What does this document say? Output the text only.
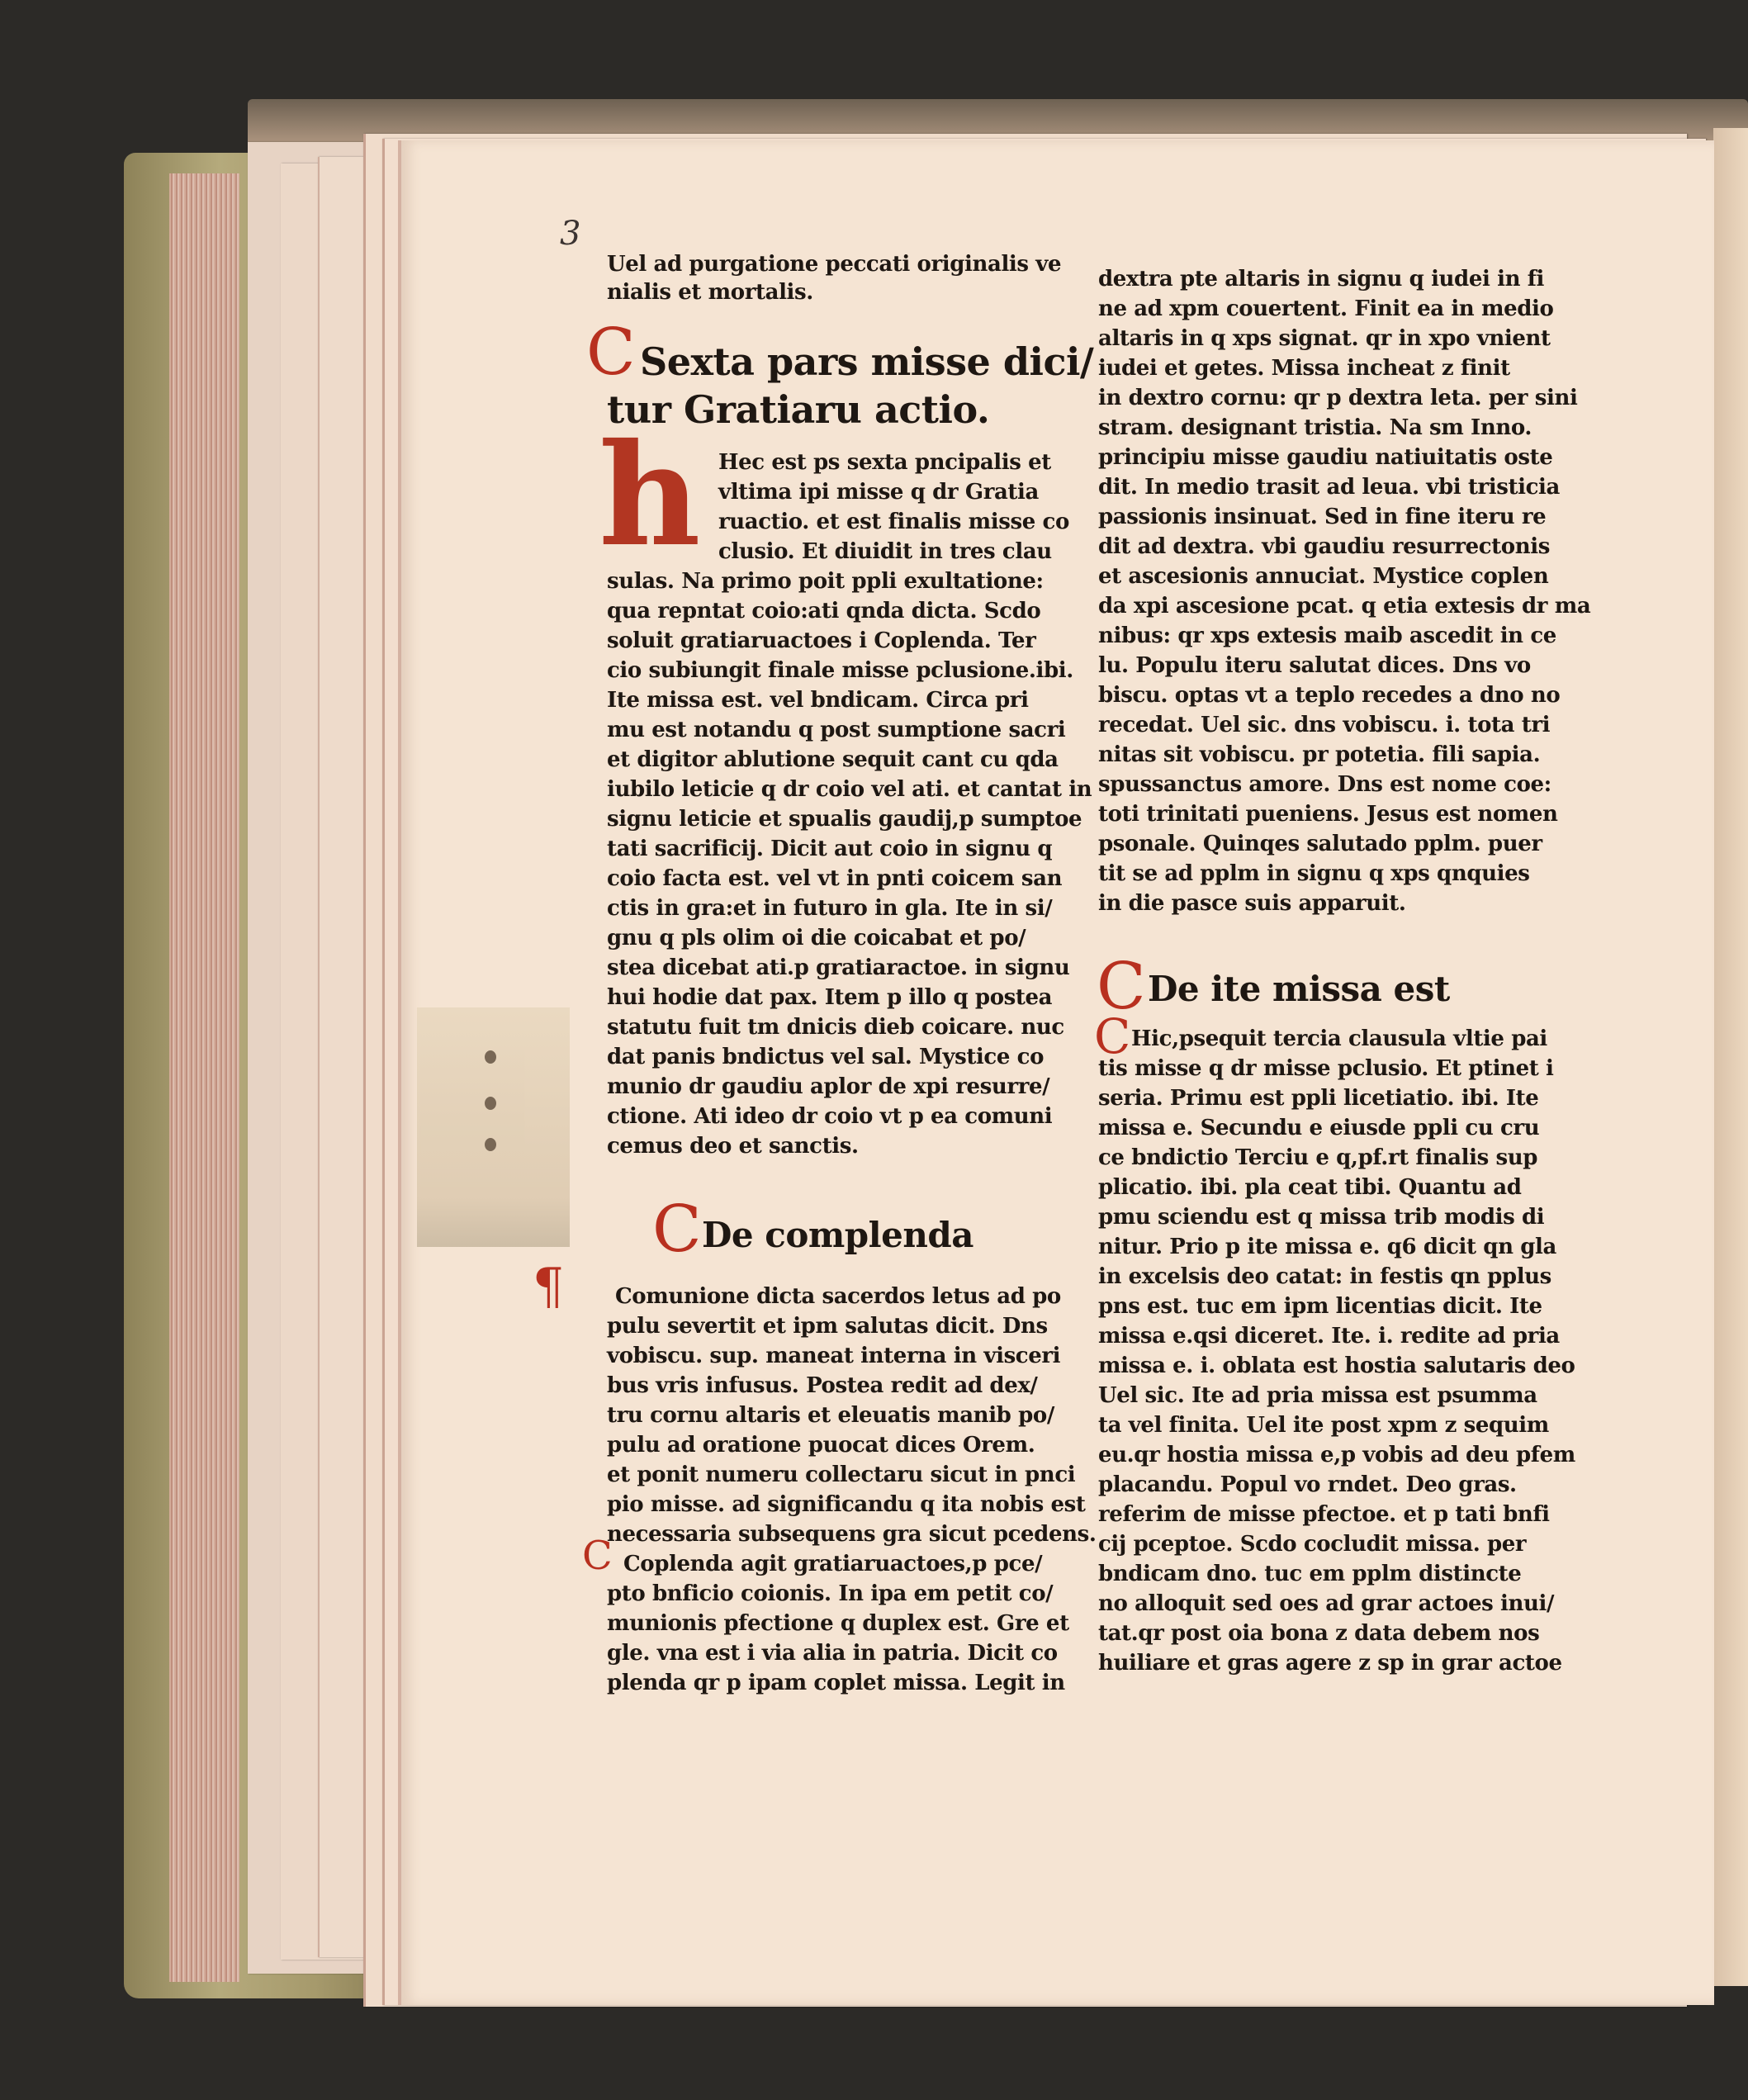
3
Uel ad purgatione peccati originalis ve
nialis et mortalis.
C Sexta pars misse dici/
tur Gratiaru actio.
h Hec est ps sexta pncipalis et
vltima ipi misse q dr Gratia
ruactio. et est finalis misse co
clusio. Et diuidit in tres clau
sulas. Na primo poit ppli exultatione:
qua repntat coio:ati qnda dicta. Scdo
soluit gratiaruactoes i Coplenda. Ter
cio subiungit finale misse pclusione.ibi.
Ite missa est. vel bndicam. Circa pri
mu est notandu q post sumptione sacri
et digitor ablutione sequit cant cu qda
iubilo leticie q dr coio vel ati. et cantat in
signu leticie et spualis gaudij,p sumptoe
tati sacrificij. Dicit aut coio in signu q
coio facta est. vel vt in pnti coicem san
ctis in gra:et in futuro in gla. Ite in si/
gnu q pls olim oi die coicabat et po/
stea dicebat ati.p gratiaractoe. in signu
hui hodie dat pax. Item p illo q postea
statutu fuit tm dnicis dieb coicare. nuc
dat panis bndictus vel sal. Mystice co
munio dr gaudiu aplor de xpi resurre/
ctione. Ati ideo dr coio vt p ea comuni
cemus deo et sanctis.
C De complenda
¶ Comunione dicta sacerdos letus ad po
pulu severtit et ipm salutas dicit. Dns
vobiscu. sup. maneat interna in visceri
bus vris infusus. Postea redit ad dex/
tru cornu altaris et eleuatis manib po/
pulu ad oratione puocat dices Orem.
et ponit numeru collectaru sicut in pnci
pio misse. ad significandu q ita nobis est
necessaria subsequens gra sicut pcedens.
C Coplenda agit gratiaruactoes,p pce/
pto bnficio coionis. In ipa em petit co/
munionis pfectione q duplex est. Gre et
gle. vna est i via alia in patria. Dicit co
plenda qr p ipam coplet missa. Legit in
dextra pte altaris in signu q iudei in fi
ne ad xpm couertent. Finit ea in medio
altaris in q xps signat. qr in xpo vnient
iudei et getes. Missa incheat z finit
in dextro cornu: qr p dextra leta. per sini
stram. designant tristia. Na sm Inno.
principiu misse gaudiu natiuitatis oste
dit. In medio trasit ad leua. vbi tristicia
passionis insinuat. Sed in fine iteru re
dit ad dextra. vbi gaudiu resurrectonis
et ascesionis annuciat. Mystice coplen
da xpi ascesione pcat. q etia extesis dr ma
nibus: qr xps extesis maib ascedit in ce
lu. Populu iteru salutat dices. Dns vo
biscu. optas vt a teplo recedes a dno no
recedat. Uel sic. dns vobiscu. i. tota tri
nitas sit vobiscu. pr potetia. fili sapia.
spussanctus amore. Dns est nome coe:
toti trinitati pueniens. Jesus est nomen
psonale. Quinqes salutado pplm. puer
tit se ad pplm in signu q xps qnquies
in die pasce suis apparuit.
C De ite missa est
C Hic,psequit tercia clausula vltie pai
tis misse q dr misse pclusio. Et ptinet i
seria. Primu est ppli licetiatio. ibi. Ite
missa e. Secundu e eiusde ppli cu cru
ce bndictio Terciu e q,pf.rt finalis sup
plicatio. ibi. pla ceat tibi. Quantu ad
pmu sciendu est q missa trib modis di
nitur. Prio p ite missa e. q6 dicit qn gla
in excelsis deo catat: in festis qn pplus
pns est. tuc em ipm licentias dicit. Ite
missa e.qsi diceret. Ite. i. redite ad pria
missa e. i. oblata est hostia salutaris deo
Uel sic. Ite ad pria missa est psumma
ta vel finita. Uel ite post xpm z sequim
eu.qr hostia missa e,p vobis ad deu pfem
placandu. Popul vo rndet. Deo gras.
referim de misse pfectoe. et p tati bnfi
cij pceptoe. Scdo cocludit missa. per
bndicam dno. tuc em pplm distincte
no alloquit sed oes ad grar actoes inui/
tat.qr post oia bona z data debem nos
huiliare et gras agere z sp in grar actoe
